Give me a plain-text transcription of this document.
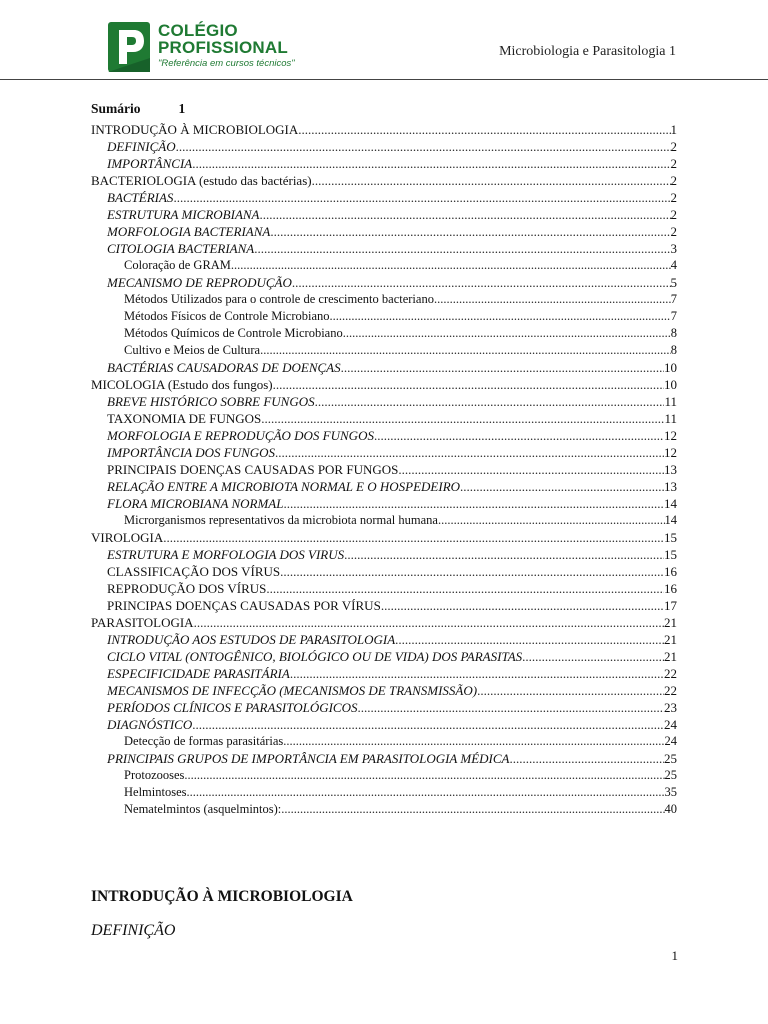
COLÉGIO
PROFISSIONAL
"Referência em cursos técnicos"
Microbiologia e Parasitologia 1
Sumário	1
INTRODUÇÃO À MICROBIOLOGIA .....	1
DEFINIÇÃO .....	2
IMPORTÂNCIA .....	2
BACTERIOLOGIA (estudo das bactérias) .....	2
BACTÉRIAS .....	2
ESTRUTURA MICROBIANA .....	2
MORFOLOGIA BACTERIANA .....	2
CITOLOGIA BACTERIANA .....	3
Coloração de GRAM .....	4
MECANISMO DE REPRODUÇÃO .....	5
Métodos Utilizados para o controle de crescimento bacteriano .....	7
Métodos Físicos de Controle Microbiano .....	7
Métodos Químicos de Controle Microbiano .....	8
Cultivo e Meios de Cultura .....	8
BACTÉRIAS CAUSADORAS DE DOENÇAS .....	10
MICOLOGIA (Estudo dos fungos) .....	10
BREVE HISTÓRICO SOBRE FUNGOS .....	11
TAXONOMIA DE FUNGOS .....	11
MORFOLOGIA E REPRODUÇÃO DOS FUNGOS .....	12
IMPORTÂNCIA DOS FUNGOS .....	12
PRINCIPAIS DOENÇAS CAUSADAS POR FUNGOS .....	13
RELAÇÃO ENTRE A MICROBIOTA NORMAL E O HOSPEDEIRO .....	13
FLORA MICROBIANA NORMAL .....	14
Microrganismos representativos da microbiota normal humana .....	14
VIROLOGIA .....	15
ESTRUTURA E MORFOLOGIA DOS VIRUS .....	15
CLASSIFICAÇÃO DOS VÍRUS .....	16
REPRODUÇÃO DOS VÍRUS .....	16
PRINCIPAS DOENÇAS CAUSADAS POR VÍRUS .....	17
PARASITOLOGIA .....	21
INTRODUÇÃO AOS ESTUDOS DE PARASITOLOGIA .....	21
CICLO VITAL (ONTOGÊNICO, BIOLÓGICO OU DE VIDA) DOS PARASITAS .....	21
ESPECIFICIDADE PARASITÁRIA .....	22
MECANISMOS DE INFECÇÃO (MECANISMOS DE TRANSMISSÃO) .....	22
PERÍODOS CLÍNICOS E PARASITOLÓGICOS .....	23
DIAGNÓSTICO .....	24
Detecção de formas parasitárias .....	24
PRINCIPAIS GRUPOS DE IMPORTÂNCIA EM PARASITOLOGIA MÉDICA .....	25
Protozooses .....	25
Helmintoses .....	35
Nematelmintos (asquelmintos): .....	40
INTRODUÇÃO À MICROBIOLOGIA
DEFINIÇÃO
1
